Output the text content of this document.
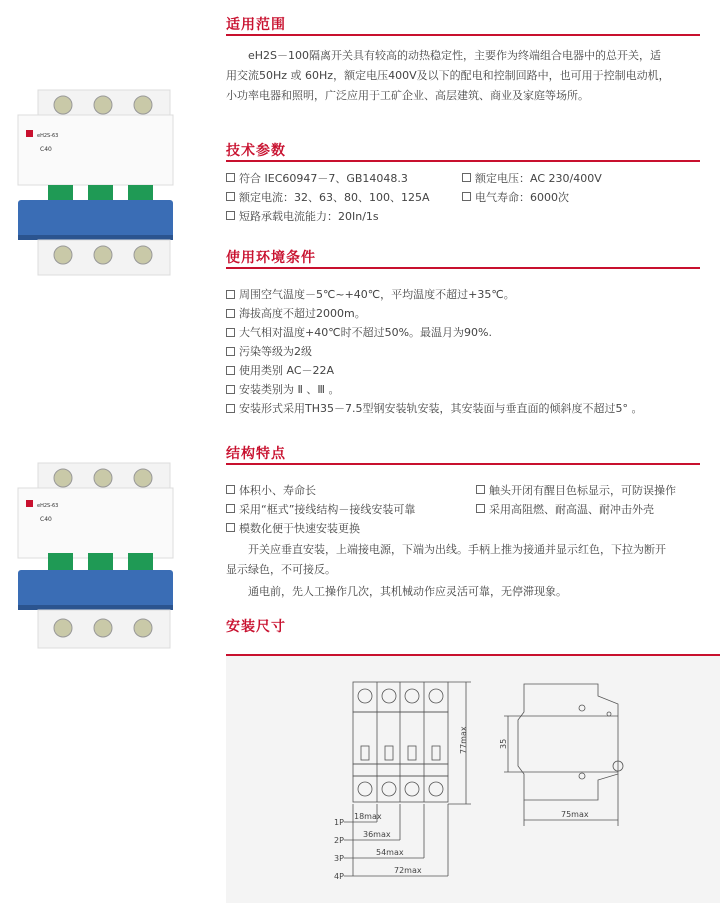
eH2S-63
C40
eH2S-63
C40
适用范围
eH2S－100隔离开关具有较高的动热稳定性，主要作为终端组合电器中的总开关，适
用交流50Hz 或 60Hz，额定电压400V及以下的配电和控制回路中，也可用于控制电动机，
小功率电器和照明，广泛应用于工矿企业、高层建筑、商业及家庭等场所。
技术参数
符合 IEC60947－7、GB14048.3	额定电压：AC 230/400V
额定电流：32、63、80、100、125A	电气寿命：6000次
短路承载电流能力：20In/1s
使用环境条件
周围空气温度－5℃~+40℃，平均温度不超过+35℃。
海拔高度不超过2000m。
大气相对温度+40℃时不超过50%。最温月为90%.
污染等级为2级
使用类别 AC－22A
安装类别为 Ⅱ 、Ⅲ 。
安装形式采用TH35－7.5型钢安装轨安装，其安装面与垂直面的倾斜度不超过5° 。
结构特点
体积小、寿命长	触头开闭有醒目色标显示，可防误操作
采用“框式”接线结构－接线安装可靠	采用高阻燃、耐高温、耐冲击外壳
模数化便于快速安装更换
开关应垂直安装，上端接电源，下端为出线。手柄上推为接通并显示红色，下拉为断开
显示绿色，不可接反。
通电前，先人工操作几次，其机械动作应灵活可靠，无停滞现象。
安装尺寸
77max	35
75max
18max
36max
54max
72max
1P
2P
3P
4P
